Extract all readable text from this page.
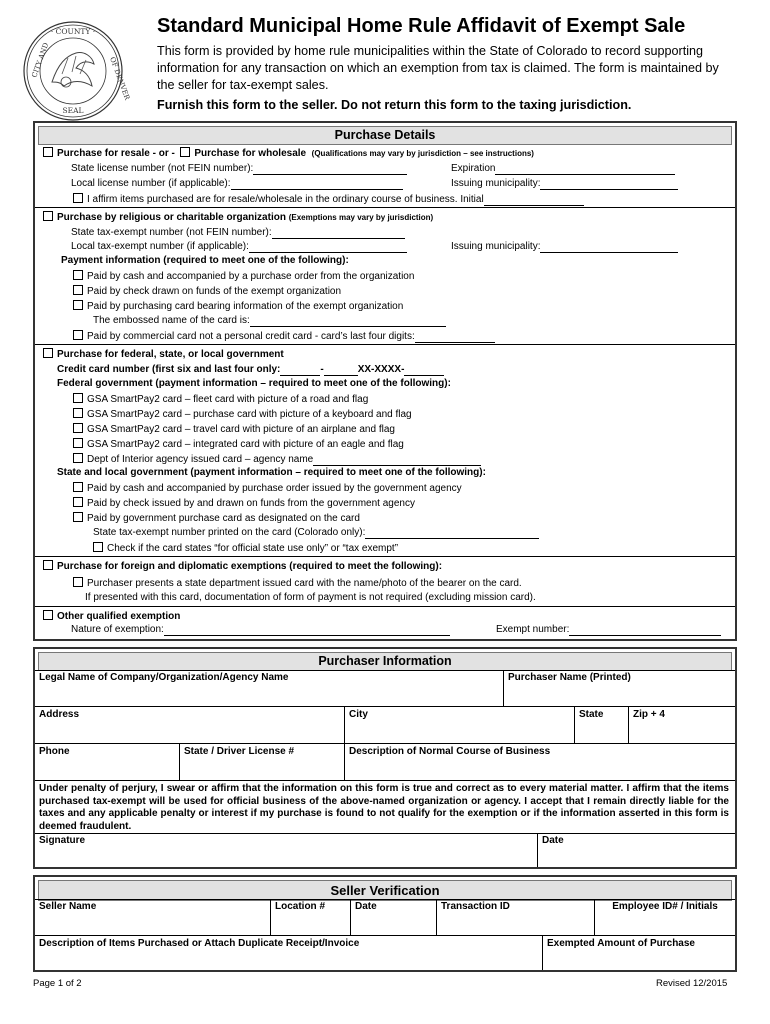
· COUNTY ·
CITY AND	OF DENVER
SEAL
Standard Municipal Home Rule Affidavit of Exempt Sale
This form is provided by home rule municipalities within the State of Colorado to record supporting
information for any transaction on which an exemption from tax is claimed. The form is maintained by
the seller for tax-exempt sales.
Furnish this form to the seller. Do not return this form to the taxing jurisdiction.
Purchase Details
Purchase for resale - or -  Purchase for wholesale (Qualifications may vary by jurisdiction – see instructions)
State license number (not FEIN number):	Expiration
Local license number (if applicable):	Issuing municipality:
I affirm items purchased are for resale/wholesale in the ordinary course of business. Initial
Purchase by religious or charitable organization (Exemptions may vary by jurisdiction)
State tax-exempt number (not FEIN number):
Local tax-exempt number (if applicable):	Issuing municipality:
Payment information (required to meet one of the following):
Paid by cash and accompanied by a purchase order from the organization
Paid by check drawn on funds of the exempt organization
Paid by purchasing card bearing information of the exempt organization
The embossed name of the card is:
Paid by commercial card not a personal credit card - card’s last four digits:
Purchase for federal, state, or local government
Credit card number (first six and last four only:	-	XX-XXXX-
Federal government (payment information – required to meet one of the following):
GSA SmartPay2 card – fleet card with picture of a road and flag
GSA SmartPay2 card – purchase card with picture of a keyboard and flag
GSA SmartPay2 card – travel card with picture of an airplane and flag
GSA SmartPay2 card – integrated card with picture of an eagle and flag
Dept of Interior agency issued card – agency name
State and local government (payment information – required to meet one of the following):
Paid by cash and accompanied by purchase order issued by the government agency
Paid by check issued by and drawn on funds from the government agency
Paid by government purchase card as designated on the card
State tax-exempt number printed on the card (Colorado only):
Check if the card states “for official state use only” or “tax exempt”
Purchase for foreign and diplomatic exemptions (required to meet the following):
Purchaser presents a state department issued card with the name/photo of the bearer on the card.
If presented with this card, documentation of form of payment is not required (excluding mission card).
Other qualified exemption
Nature of exemption:	Exempt number:
Purchaser Information
Legal Name of Company/Organization/Agency Name	Purchaser Name (Printed)
Address	City	State	Zip + 4
Phone	State / Driver License #	Description of Normal Course of Business
Under penalty of perjury, I swear or affirm that the information on this form is true and correct as to every material matter. I affirm that the items purchased tax-exempt will be used for official business of the above-named organization or agency. I accept that I remain directly liable for the taxes and any applicable penalty or interest if my purchase is found to not qualify for the exemption or if the information asserted in this form is deemed fraudulent.
Signature	Date
Seller Verification
Seller Name	Location #	Date	Transaction ID	Employee ID# / Initials
Description of Items Purchased or Attach Duplicate Receipt/Invoice	Exempted Amount of Purchase
Page 1 of 2	Revised 12/2015
